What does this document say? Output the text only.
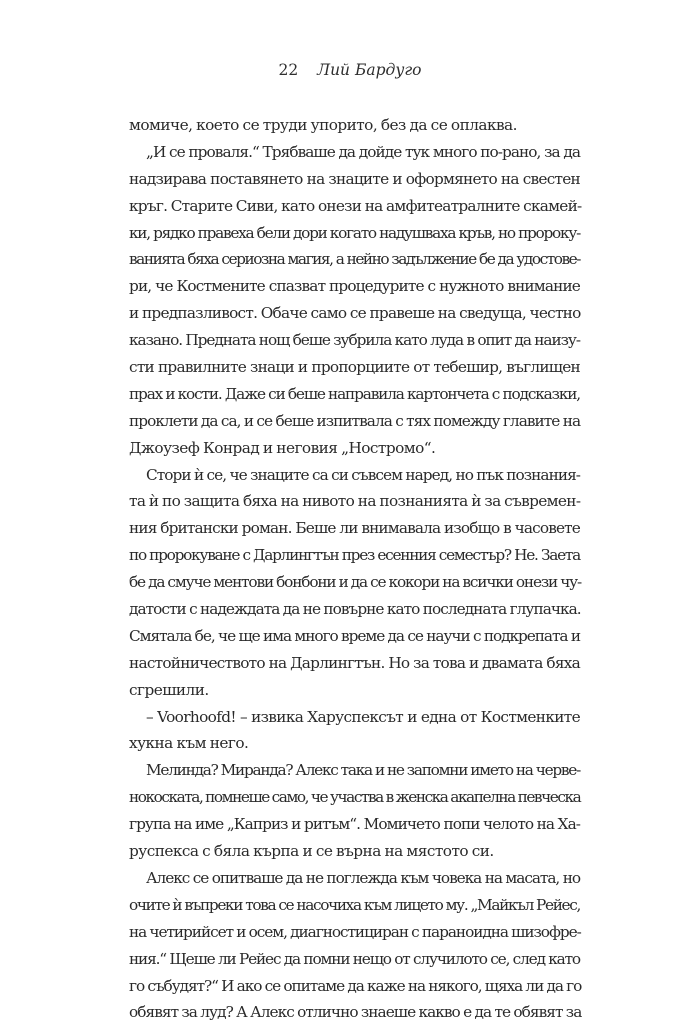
22 Лий Бардуго
момиче, което се труди упорито, без да се оплаква.
„И се проваля.“ Трябваше да дойде тук много по-рано, за да
надзирава поставянето на знаците и оформянето на свестен
кръг. Старите Сиви, като онези на амфитеатралните скамей-
ки, рядко правеха бели дори когато надушваха кръв, но пророку-
ванията бяха сериозна магия, а нейно задължение бе да удостове-
ри, че Костмените спазват процедурите с нужното внимание
и предпазливост. Обаче само се правеше на сведуща, честно
казано. Предната нощ беше зубрила като луда в опит да наизу-
сти правилните знаци и пропорциите от тебешир, въглищен
прах и кости. Даже си беше направила картончета с подсказки,
проклети да са, и се беше изпитвала с тях помежду главите на
Джоузеф Конрад и неговия „Ностромо“.
Стори ѝ се, че знаците са си съвсем наред, но пък познания-
та ѝ по защита бяха на нивото на познанията ѝ за съвремен-
ния британски роман. Беше ли внимавала изобщо в часовете
по пророкуване с Дарлингтън през есенния семестър? Не. Заета
бе да смуче ментови бонбони и да се кокори на всички онези чу-
датости с надеждата да не повърне като последната глупачка.
Смятала бе, че ще има много време да се научи с подкрепата и
настойничеството на Дарлингтън. Но за това и двамата бяха
сгрешили.
– Voorhoofd! – извика Харуспексът и една от Костменките
хукна към него.
Мелинда? Миранда? Алекс така и не запомни името на черве-
нокоската, помнеше само, че участва в женска акапелна певческа
група на име „Каприз и ритъм“. Момичето попи челото на Ха-
руспекса с бяла кърпа и се върна на мястото си.
Алекс се опитваше да не поглежда към човека на масата, но
очите ѝ въпреки това се насочиха към лицето му. „Майкъл Рейес,
на четирийсет и осем, диагностициран с параноидна шизофре-
ния.“ Щеше ли Рейес да помни нещо от случилото се, след като
го събудят?“ И ако се опитаме да каже на някого, щяха ли да го
обявят за луд? А Алекс отлично знаеше какво е да те обявят за
